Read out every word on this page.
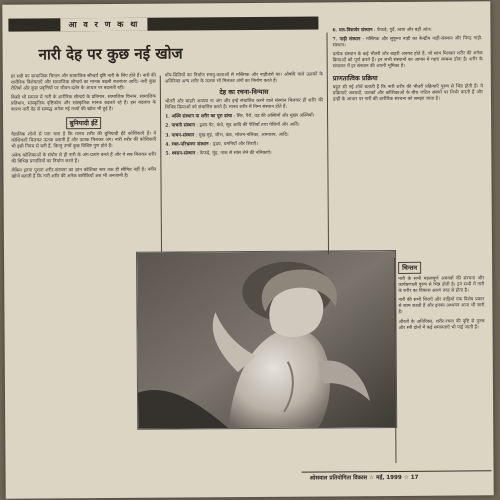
आ व र ण क था
नारी देह पर कुछ नई खोज

हर सदी का सामाजिक चिन्तन और सामाजिक सौन्दर्य दृष्टि नारी के लिए होते हैं। नारी की शारीरिक विशेषताएँ और सामाजिक सौन्दर्य का मानक बदली कालांतर आदि। नारी कुछ रीतियों और कुछ प्रवृत्तियों पर जीवन-दर्शन के आधार पर बदलती रही।

किसी भी समाज में नारी के शारीरिक सौन्दर्य के प्रतिमान, सामाजिक चिन्तन, सामाजिक प्रतिमान, सांस्कृतिक दृष्टिकोण और सांस्कृतिक मानक बदलते रहे हैं। इस बदलाव के कारण नारी देह से सम्बद्ध अनेक नई तथ्यों की खोज भी हुई है।

बुनियादी ईंटें

वैज्ञानिक शोधों से पता चला है कि मानव शरीर की बुनियादी ईंटें कोशिकाएँ हैं। ये कोशिकाएँ मिलकर ऊतक बनाती हैं और ऊतक मिलकर अंग। नारी शरीर की कोशिकाएँ भी इसी नियम से बनी हैं, किन्तु उनमें कुछ विशिष्ट गुण होते हैं।

अनेक कोशिकाओं के संयोग से ही नारी के अंग-प्रत्यंग बनते हैं और ये सब मिलकर शरीर की विभिन्न प्रणालियों का निर्माण करते हैं।

लेकिन इतना पुराना शरीर-संरचना का ज्ञान कोशिका स्तर तक ही सीमित नहीं है। नवीन खोजें बताती हैं कि नारी शरीर की अनेक बारीकियाँ अब भी अनजानी हैं।

पाँच-सितियों का निर्माण स्नायु-कलाओं से मस्तिष्क और नाड़ीतंत्रों का। औषधि वाले ऊतकों के अतिरिक्त अन्य शरीर के ऊतक भी मिलकर अंगों का निर्माण करते हैं।

देह का रचना-विन्यास

भीतरी और बाहरी अवयव ना अंग और इन्हें संचालित करने वाले संस्थान मिलकर ही शरीर की विभिन्न क्रियाओं को संचालित करते हैं। मानव शरीर में निम्न संस्थान होते हैं:

1. अस्थि संस्थान या शरीर का पूरा ढांचा : सिर, पैरों, धड़ की अस्थियाँ और मुख्य अस्थियाँ।
2. पाचनी संस्थान : हृदय-पेट, कंधे, सूद आदि की पेशियाँ तथा पेशियाँ और आदि।
3. पाचन-संस्थान : मुख-मुहं, जीभ, कंठ, भोजन-नलिका, आमाशय, आदि।
4. रक्त-परिभ्रमण संस्थान : हृदय, धमनियाँ और शिराएँ।
5. श्वसन-संस्थान : फेफड़े, मुंह, नाक से सांस लेने की नलिकाएँ।
6. मल-विसर्जन संस्थान : फेफड़े, गुर्दे, त्वचा और बड़ी आंत।
7. नाड़ी संस्थान : मस्तिष्क और सुषुम्ना नाड़ी का केन्द्रीय नाड़ी-संस्थान और पिण्ड नाड़ी-संस्थान।

प्रत्येक संस्थान के कई भीतरी और बाहरी अवयव होते हैं, जो साथ मिलकर शरीर की अनेक क्रियाओं को पूर्ण करते हैं। इन सभी संस्थानों का आपस में गहरा सम्बन्ध होता है। शरीर के संचालन में हर संस्थान की अपनी भूमिका है।

प्राणतात्विक प्रक्रिया

बहुत सी नई शोधें बताती हैं कि नारी शरीर की भीतरी प्रक्रियाएँ पुरुष से भिन्न होती हैं। ये प्रक्रियाएँ अवयवों, ऊतकों और कोशिकाओं के बीच जटिल संबंधों पर निर्भर करती हैं और इन्हीं के आधार पर नारी की शारीरिक संरचना को समझा जाता है।

चिन्तन

नारी के सभी महत्वपूर्ण अवयवों की संरचना और कार्यप्रणाली पुरुष से भिन्न होती है। इन सभी में नारी के शरीर का विकास अलग तरह से होता है।

नारी की सभी शिराएँ और नाड़ियाँ एक विशेष प्रकार से काम करती हैं और इनका अध्ययन आज भी जारी है।

औरतों के अतिरिक्त, शरीर-रचना की दृष्टि से पुरुष और स्त्री दोनों में कई समानताएँ भी पाई जाती हैं।

ओसवाल प्रतियोगिता विकास ☆ मई, 1999 ☆ 17
